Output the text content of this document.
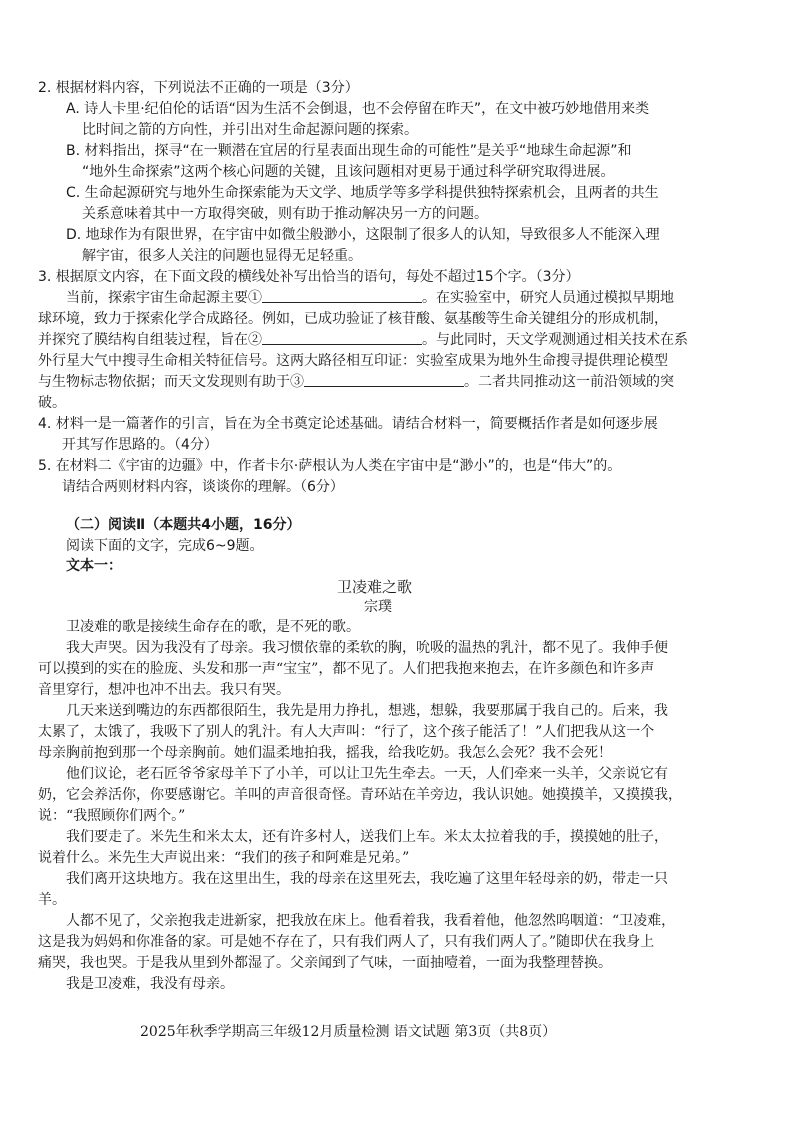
2. 根据材料内容，下列说法不正确的一项是（3分）
A. 诗人卡里·纪伯伦的话语“因为生活不会倒退，也不会停留在昨天”，在文中被巧妙地借用来类
比时间之箭的方向性，并引出对生命起源问题的探索。
B. 材料指出，探寻“在一颗潜在宜居的行星表面出现生命的可能性”是关乎“地球生命起源”和
“地外生命探索”这两个核心问题的关键，且该问题相对更易于通过科学研究取得进展。
C. 生命起源研究与地外生命探索能为天文学、地质学等多学科提供独特探索机会，且两者的共生
关系意味着其中一方取得突破，则有助于推动解决另一方的问题。
D. 地球作为有限世界，在宇宙中如微尘般渺小，这限制了很多人的认知，导致很多人不能深入理
解宇宙，很多人关注的问题也显得无足轻重。
3. 根据原文内容，在下面文段的横线处补写出恰当的语句，每处不超过15个字。（3分）
当前，探索宇宙生命起源主要①	。在实验室中，研究人员通过模拟早期地
球环境，致力于探索化学合成路径。例如，已成功验证了核苷酸、氨基酸等生命关键组分的形成机制，
并探究了膜结构自组装过程，旨在②	。与此同时，天文学观测通过相关技术在系
外行星大气中搜寻生命相关特征信号。这两大路径相互印证：实验室成果为地外生命搜寻提供理论模型
与生物标志物依据；而天文发现则有助于③	。二者共同推动这一前沿领域的突
破。
4. 材料一是一篇著作的引言，旨在为全书奠定论述基础。请结合材料一，简要概括作者是如何逐步展
开其写作思路的。（4分）
5. 在材料二《宇宙的边疆》中，作者卡尔·萨根认为人类在宇宙中是“渺小”的，也是“伟大”的。
请结合两则材料内容，谈谈你的理解。（6分）
（二）阅读Ⅱ（本题共4小题，16分）
阅读下面的文字，完成6~9题。
文本一：
卫凌难之歌
宗璞
卫凌难的歌是接续生命存在的歌，是不死的歌。
我大声哭。因为我没有了母亲。我习惯依靠的柔软的胸，吮吸的温热的乳汁，都不见了。我伸手便
可以摸到的实在的脸庞、头发和那一声“宝宝”，都不见了。人们把我抱来抱去，在许多颜色和许多声
音里穿行，想冲也冲不出去。我只有哭。
几天来送到嘴边的东西都很陌生，我先是用力挣扎，想逃，想躲，我要那属于我自己的。后来，我
太累了，太饿了，我吸下了别人的乳汁。有人大声叫：“行了，这个孩子能活了！”人们把我从这一个
母亲胸前抱到那一个母亲胸前。她们温柔地拍我，摇我，给我吃奶。我怎么会死？我不会死！
他们议论，老石匠爷爷家母羊下了小羊，可以让卫先生牵去。一天，人们牵来一头羊，父亲说它有
奶，它会养活你，你要感谢它。羊叫的声音很奇怪。青环站在羊旁边，我认识她。她摸摸羊，又摸摸我，
说：“我照顾你们两个。”
我们要走了。米先生和米太太，还有许多村人，送我们上车。米太太拉着我的手，摸摸她的肚子，
说着什么。米先生大声说出来：“我们的孩子和阿难是兄弟。”
我们离开这块地方。我在这里出生，我的母亲在这里死去，我吃遍了这里年轻母亲的奶，带走一只
羊。
人都不见了，父亲抱我走进新家，把我放在床上。他看着我，我看着他，他忽然呜咽道：“卫凌难，
这是我为妈妈和你准备的家。可是她不存在了，只有我们两人了，只有我们两人了。”随即伏在我身上
痛哭，我也哭。于是我从里到外都湿了。父亲闻到了气味，一面抽噎着，一面为我整理替换。
我是卫凌难，我没有母亲。
2025年秋季学期高三年级12月质量检测 语文试题 第3页（共8页）
